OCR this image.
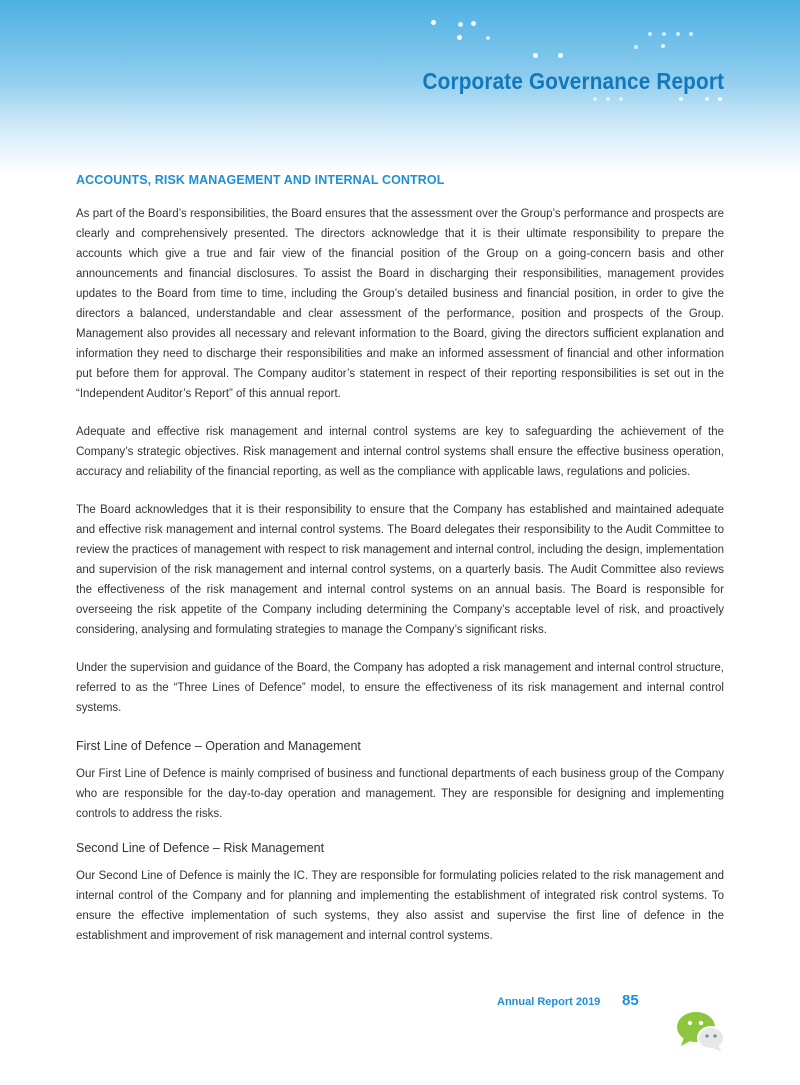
Corporate Governance Report
ACCOUNTS, RISK MANAGEMENT AND INTERNAL CONTROL

As part of the Board’s responsibilities, the Board ensures that the assessment over the Group’s performance and prospects are clearly and comprehensively presented. The directors acknowledge that it is their ultimate responsibility to prepare the accounts which give a true and fair view of the financial position of the Group on a going-concern basis and other announcements and financial disclosures. To assist the Board in discharging their responsibilities, management provides updates to the Board from time to time, including the Group’s detailed business and financial position, in order to give the directors a balanced, understandable and clear assessment of the performance, position and prospects of the Group. Management also provides all necessary and relevant information to the Board, giving the directors sufficient explanation and information they need to discharge their responsibilities and make an informed assessment of financial and other information put before them for approval. The Company auditor’s statement in respect of their reporting responsibilities is set out in the “Independent Auditor’s Report” of this annual report.

Adequate and effective risk management and internal control systems are key to safeguarding the achievement of the Company’s strategic objectives. Risk management and internal control systems shall ensure the effective business operation, accuracy and reliability of the financial reporting, as well as the compliance with applicable laws, regulations and policies.

The Board acknowledges that it is their responsibility to ensure that the Company has established and maintained adequate and effective risk management and internal control systems. The Board delegates their responsibility to the Audit Committee to review the practices of management with respect to risk management and internal control, including the design, implementation and supervision of the risk management and internal control systems, on a quarterly basis. The Audit Committee also reviews the effectiveness of the risk management and internal control systems on an annual basis. The Board is responsible for overseeing the risk appetite of the Company including determining the Company’s acceptable level of risk, and proactively considering, analysing and formulating strategies to manage the Company’s significant risks.

Under the supervision and guidance of the Board, the Company has adopted a risk management and internal control structure, referred to as the “Three Lines of Defence” model, to ensure the effectiveness of its risk management and internal control systems.

First Line of Defence – Operation and Management

Our First Line of Defence is mainly comprised of business and functional departments of each business group of the Company who are responsible for the day-to-day operation and management. They are responsible for designing and implementing controls to address the risks.

Second Line of Defence – Risk Management

Our Second Line of Defence is mainly the IC. They are responsible for formulating policies related to the risk management and internal control of the Company and for planning and implementing the establishment of integrated risk control systems. To ensure the effective implementation of such systems, they also assist and supervise the first line of defence in the establishment and improvement of risk management and internal control systems.

Annual Report 2019 85
